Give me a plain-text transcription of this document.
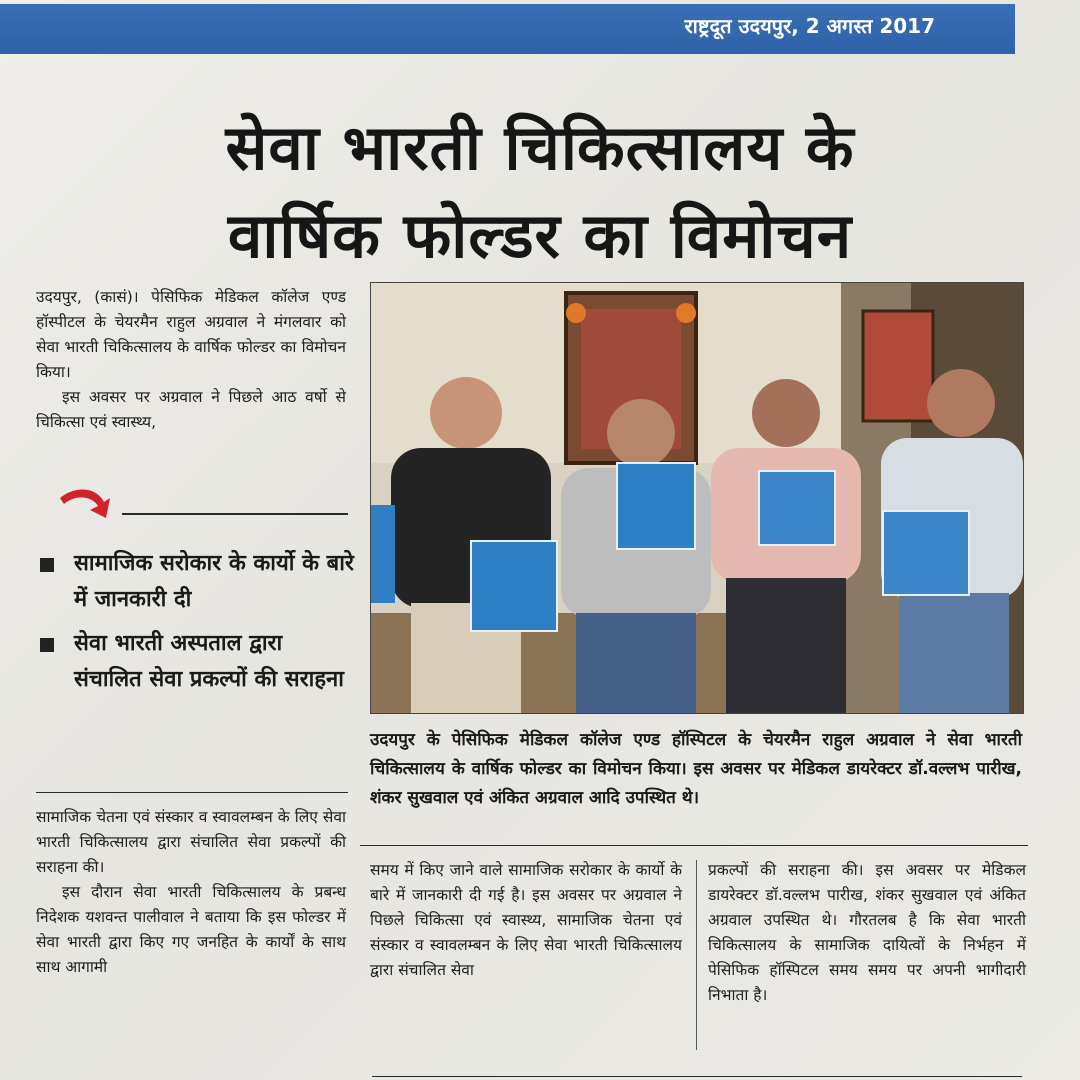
राष्ट्रदूत उदयपुर, 2 अगस्त 2017
सेवा भारती चिकित्सालय के
वार्षिक फोल्डर का विमोचन

उदयपुर, (कासं)। पेसिफिक मेडिकल कॉलेज एण्ड हॉस्पीटल के चेयरमैन राहुल अग्रवाल ने मंगलवार को सेवा भारती चिकित्सालय के वार्षिक फोल्डर का विमोचन किया।

इस अवसर पर अग्रवाल ने पिछले आठ वर्षो से चिकित्सा एवं स्वास्थ्य,

सामाजिक सरोकार के कार्यो के बारे में जानकारी दी
सेवा भारती अस्पताल द्वारा संचालित सेवा प्रकल्पों की सराहना

सामाजिक चेतना एवं संस्कार व स्वावलम्बन के लिए सेवा भारती चिकित्सालय द्वारा संचालित सेवा प्रकल्पों की सराहना की।

इस दौरान सेवा भारती चिकित्सालय के प्रबन्ध निदेशक यशवन्त पालीवाल ने बताया कि इस फोल्डर में सेवा भारती द्वारा किए गए जनहित के कार्यों के साथ साथ आगामी

उदयपुर के पेसिफिक मेडिकल कॉलेज एण्ड हॉस्पिटल के चेयरमैन राहुल अग्रवाल ने सेवा भारती चिकित्सालय के वार्षिक फोल्डर का विमोचन किया। इस अवसर पर मेडिकल डायरेक्टर डॉ.वल्लभ पारीख, शंकर सुखवाल एवं अंकित अग्रवाल आदि उपस्थित थे।
समय में किए जाने वाले सामाजिक सरोकार के कार्यो के बारे में जानकारी दी गई है। इस अवसर पर अग्रवाल ने पिछले चिकित्सा एवं स्वास्थ्य, सामाजिक चेतना एवं संस्कार व स्वावलम्बन के लिए सेवा भारती चिकित्सालय द्वारा संचालित सेवा
प्रकल्पों की सराहना की। इस अवसर पर मेडिकल डायरेक्टर डॉ.वल्लभ पारीख, शंकर सुखवाल एवं अंकित अग्रवाल उपस्थित थे। गौरतलब है कि सेवा भारती चिकित्सालय के सामाजिक दायित्वों के निर्भहन में पेसिफिक हॉस्पिटल समय समय पर अपनी भागीदारी निभाता है।
